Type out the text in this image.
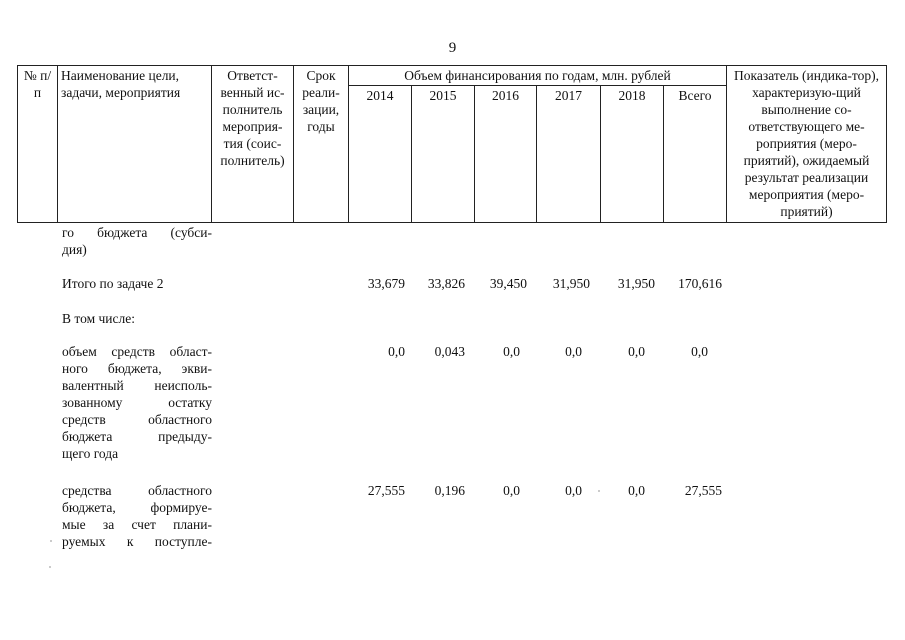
9
№ п/п	Наименование цели, задачи, мероприятия	Ответст-венный ис-полнитель мероприя-тия (соис-полнитель)	Срок реали-зации, годы	Объем финансирования по годам, млн. рублей						Показатель (индика-тор), характеризую-щий выполнение со-ответствующего ме-роприятия (меро-приятий), ожидаемый результат реализации мероприятия (меро-приятий)
				2014	2015	2016	2017	2018	Всего	
го бюджета (субси-
дия)
Итого по задаче 2	33,679	33,826	39,450	31,950	31,950	170,616
В том числе:
объем средств област-
ного бюджета, экви-
валентный неисполь-
зованному остатку
средств областного
бюджета предыду-
щего года
0,0	0,043	0,0	0,0	0,0	0,0
средства областного
бюджета, формируе-
мые за счет плани-
руемых к поступле-
27,555	0,196	0,0	0,0	0,0	27,555
